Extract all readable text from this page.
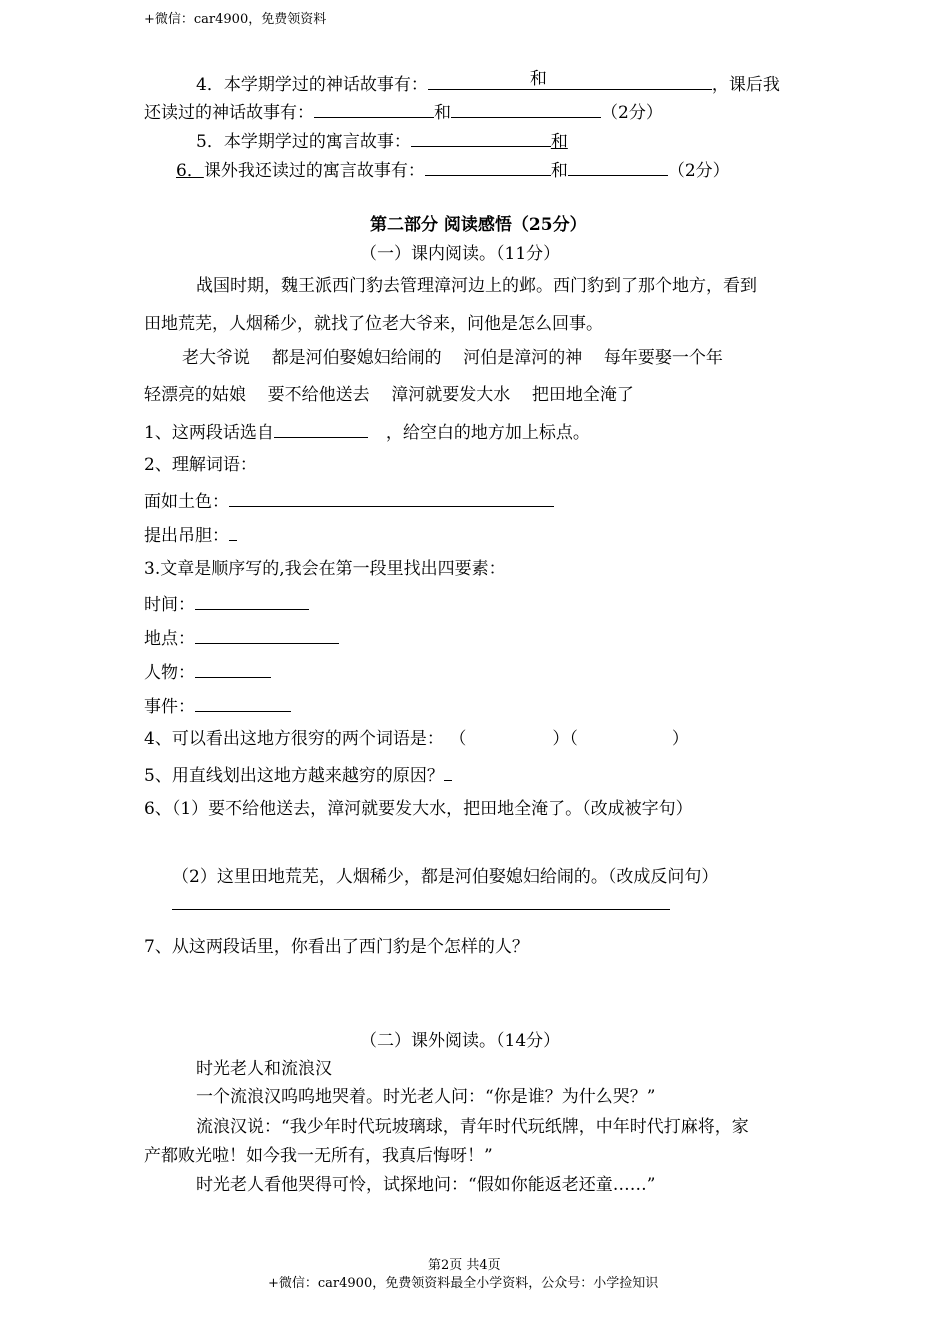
+微信：car4900，免费领资料
4．本学期学过的神话故事有：	和	，课后我
还读过的神话故事有：	和	（2分）
5．本学期学过的寓言故事：	和
6．课外我还读过的寓言故事有：	和	（2分）
第二部分 阅读感悟（25分）
（一）课内阅读。（11分）
战国时期，魏王派西门豹去管理漳河边上的邺。西门豹到了那个地方，看到
田地荒芜，人烟稀少，就找了位老大爷来，问他是怎么回事。
老大爷说    都是河伯娶媳妇给闹的    河伯是漳河的神    每年要娶一个年
轻漂亮的姑娘    要不给他送去    漳河就要发大水    把田地全淹了
1、这两段话选自	，给空白的地方加上标点。
2、理解词语：
面如土色：
提出吊胆：
3.文章是顺序写的,我会在第一段里找出四要素：
时间：
地点：
人物：
事件：
4、可以看出这地方很穷的两个词语是： （	）（	）
5、用直线划出这地方越来越穷的原因？
6、（1）要不给他送去，漳河就要发大水，把田地全淹了。（改成被字句）
（2）这里田地荒芜，人烟稀少，都是河伯娶媳妇给闹的。（改成反问句）
7、从这两段话里，你看出了西门豹是个怎样的人？
（二）课外阅读。（14分）
时光老人和流浪汉
一个流浪汉呜呜地哭着。时光老人问：“你是谁？为什么哭？”
流浪汉说：“我少年时代玩坡璃球，青年时代玩纸牌，中年时代打麻将，家
产都败光啦！如今我一无所有，我真后悔呀！”
时光老人看他哭得可怜，试探地问：“假如你能返老还童……”
第2页 共4页
+微信：car4900，免费领资料最全小学资料，公众号：小学捡知识
